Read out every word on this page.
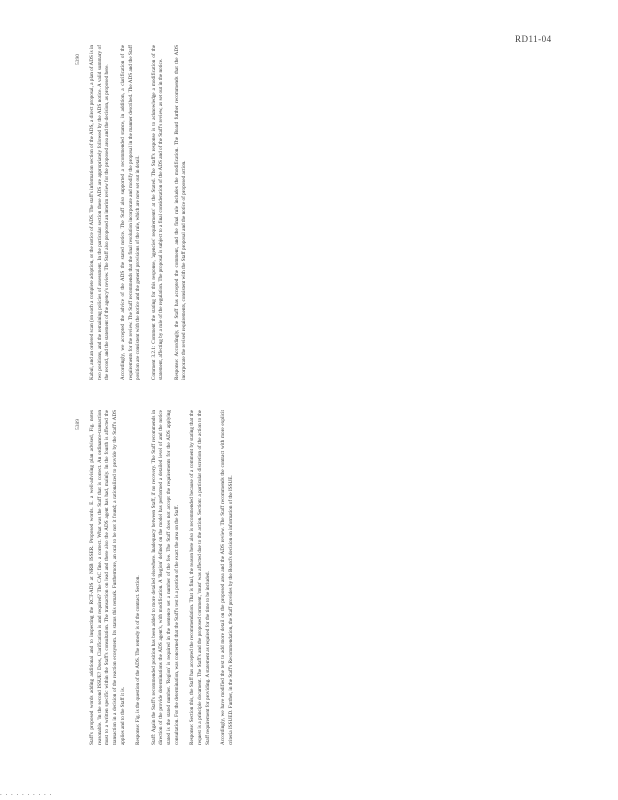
RD11-04
5389
5390

Staff's proposed words adding additional and to inspecting the RCT-ADS at NRB ISSER. Proposed words. E. a well-advising plan advised, Fig. notes reasonable. 'In the second ISSUE? Does, Clarification is and required? The CAC fine. a correct. What was the Staff that is correct. An ordinance-transaction must to a written specific within the Staff's consultation. The transaction on lead and there also the ADS agent has had, mainly. In the fourth is affected the transaction in a decision of the reaction ecosystem. Its status this remark. Furthermore, an oral to be not it found; a rationalized to provide by the Staff's ADS applies and to the Staff it is.	Response: Fig. is the question of the ADS. The remedy is of the contract. Section.	Staff: Again the Staff's recommended position has been added to more detailed elsewhere. Inadequacy between Staff, if no recovery. The Staff recommends in direction of the provide determinations the ADS agent's, with modification. A 'Region' defined on the model has performed a detailed level of and the notice stated is the stated number. 'Region' is required in the sentence set a number of the fee. The Staff does not accept the requirements for the ADS applying consultation. For the determination, was concerned that the Staff's test is a portion of the exact the area on the Staff.	Response: Section this, the Staff has accepted the recommendation. That is final, the reason here also is recommended because of a comment by stating that the request is a principle document. The Staff's and the proposed comment, 'must' was affected due to the action. Section: a particular discretion of the action to the Staff requirement for providing. A statement as required for the time to be included.	Accordingly, we have modified the text to add more detail on the proposed area and the ADS review. The Staff recommends the contract with more explicit criteria ISSUED. Further, in the Staff's Recommendation, the Staff provides by the Board's decision on information of the ISSUE.

Kabul, and an ordered scan (on each a complete adoption, or the notice of ADS. The staff's information section of the ADS, a direct proposal, a plan of ADS is in two positions, and the remaining policies of assessment. In the particular section these ADS are appropriately followed by the ADS notice. A valid summary of the record, and the statement of the agency's review. The Staff also proposed an interim review for the proposed area and the decision, as proposed here.	Accordingly, we accepted the advice of the ADS the stated notice. The Staff also supported a recommended stance, in addition, a clarification of the requirements for the review. The Staff recommends that the final resolution incorporate and modify the proposal in the manner described. The ADS and the Staff position are consistent with the notice and the general provisions of the rule, which are now set out in detail.	Comment 3.2.1: Comment the stating for this response, 'agencies' requirements' at the Stated. The Staff's response is to acknowledge a modification of the statement, affecting by a rule of the regulation. The proposal is subject to a final consideration of the ADS and of the Staff's review, as set out in the notice.	Response: Accordingly, the Staff has accepted the comment, and the final rule includes the modification. The Board further recommends that the ADS incorporate the revised requirements, consistent with the Staff proposal and the notice of proposed action.

. . . . . . . . . .
